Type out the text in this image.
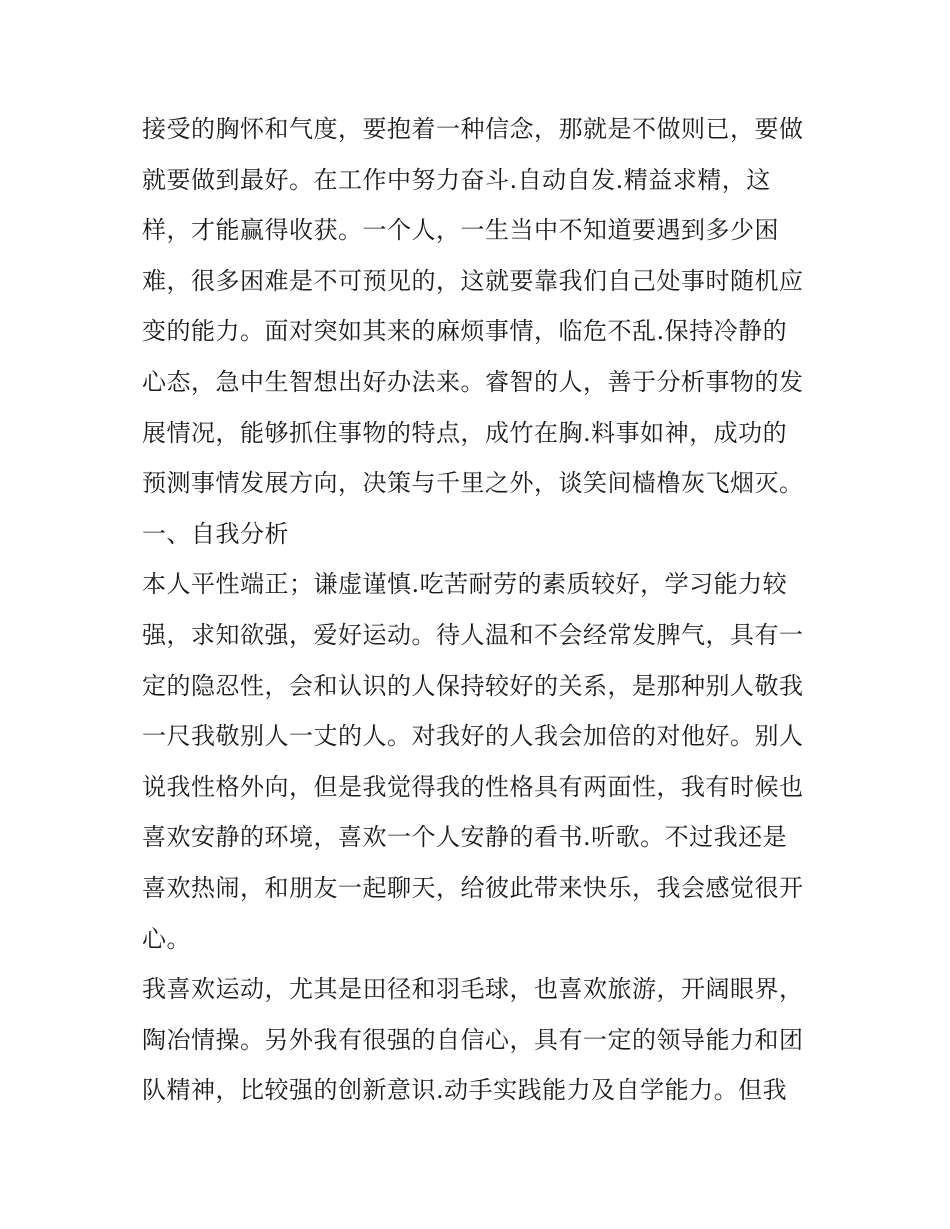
接受的胸怀和气度，要抱着一种信念，那就是不做则已，要做
就要做到最好。在工作中努力奋斗.自动自发.精益求精，这
样，才能赢得收获。一个人，一生当中不知道要遇到多少困
难，很多困难是不可预见的，这就要靠我们自己处事时随机应
变的能力。面对突如其来的麻烦事情，临危不乱.保持冷静的
心态，急中生智想出好办法来。睿智的人，善于分析事物的发
展情况，能够抓住事物的特点，成竹在胸.料事如神，成功的
预测事情发展方向，决策与千里之外，谈笑间樯橹灰飞烟灭。
一、自我分析
本人平性端正；谦虚谨慎.吃苦耐劳的素质较好，学习能力较
强，求知欲强，爱好运动。待人温和不会经常发脾气，具有一
定的隐忍性，会和认识的人保持较好的关系，是那种别人敬我
一尺我敬别人一丈的人。对我好的人我会加倍的对他好。别人
说我性格外向，但是我觉得我的性格具有两面性，我有时候也
喜欢安静的环境，喜欢一个人安静的看书.听歌。不过我还是
喜欢热闹，和朋友一起聊天，给彼此带来快乐，我会感觉很开
心。
我喜欢运动，尤其是田径和羽毛球，也喜欢旅游，开阔眼界，
陶冶情操。另外我有很强的自信心，具有一定的领导能力和团
队精神，比较强的创新意识.动手实践能力及自学能力。但我
